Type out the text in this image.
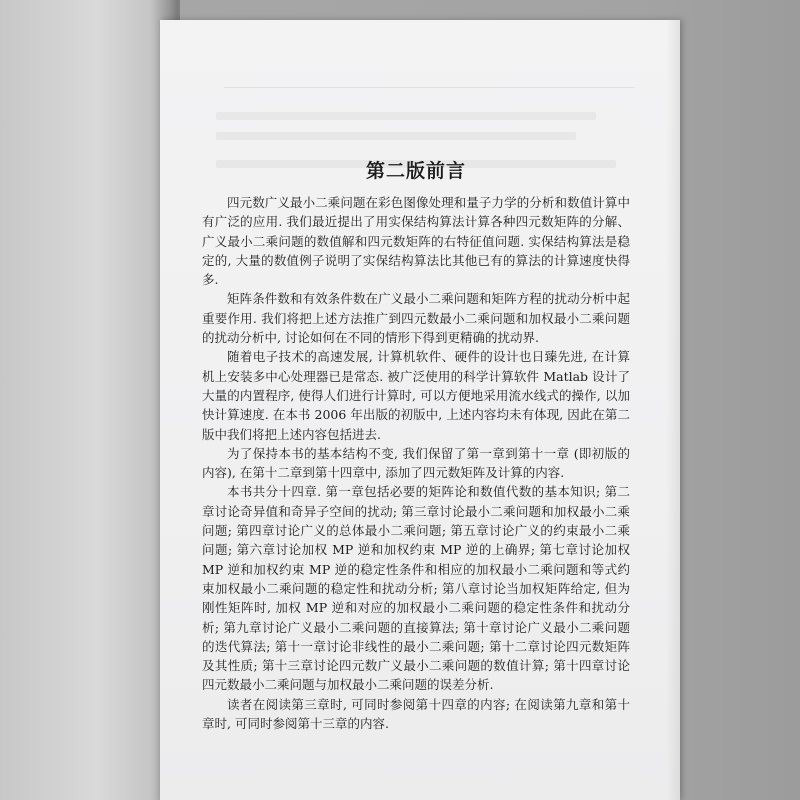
第二版前言

四元数广义最小二乘问题在彩色图像处理和量子力学的分析和数值计算中有广泛的应用. 我们最近提出了用实保结构算法计算各种四元数矩阵的分解、广义最小二乘问题的数值解和四元数矩阵的右特征值问题. 实保结构算法是稳定的, 大量的数值例子说明了实保结构算法比其他已有的算法的计算速度快得多.

矩阵条件数和有效条件数在广义最小二乘问题和矩阵方程的扰动分析中起重要作用. 我们将把上述方法推广到四元数最小二乘问题和加权最小二乘问题的扰动分析中, 讨论如何在不同的情形下得到更精确的扰动界.

随着电子技术的高速发展, 计算机软件、硬件的设计也日臻先进, 在计算机上安装多中心处理器已是常态. 被广泛使用的科学计算软件 Matlab 设计了大量的内置程序, 使得人们进行计算时, 可以方便地采用流水线式的操作, 以加快计算速度. 在本书 2006 年出版的初版中, 上述内容均未有体现, 因此在第二版中我们将把上述内容包括进去.

为了保持本书的基本结构不变, 我们保留了第一章到第十一章 (即初版的内容), 在第十二章到第十四章中, 添加了四元数矩阵及计算的内容.

本书共分十四章. 第一章包括必要的矩阵论和数值代数的基本知识; 第二章讨论奇异值和奇异子空间的扰动; 第三章讨论最小二乘问题和加权最小二乘问题; 第四章讨论广义的总体最小二乘问题; 第五章讨论广义的约束最小二乘问题; 第六章讨论加权 MP 逆和加权约束 MP 逆的上确界; 第七章讨论加权 MP 逆和加权约束 MP 逆的稳定性条件和相应的加权最小二乘问题和等式约束加权最小二乘问题的稳定性和扰动分析; 第八章讨论当加权矩阵给定, 但为刚性矩阵时, 加权 MP 逆和对应的加权最小二乘问题的稳定性条件和扰动分析; 第九章讨论广义最小二乘问题的直接算法; 第十章讨论广义最小二乘问题的迭代算法; 第十一章讨论非线性的最小二乘问题; 第十二章讨论四元数矩阵及其性质; 第十三章讨论四元数广义最小二乘问题的数值计算; 第十四章讨论四元数最小二乘问题与加权最小二乘问题的误差分析.

读者在阅读第三章时, 可同时参阅第十四章的内容; 在阅读第九章和第十章时, 可同时参阅第十三章的内容.
